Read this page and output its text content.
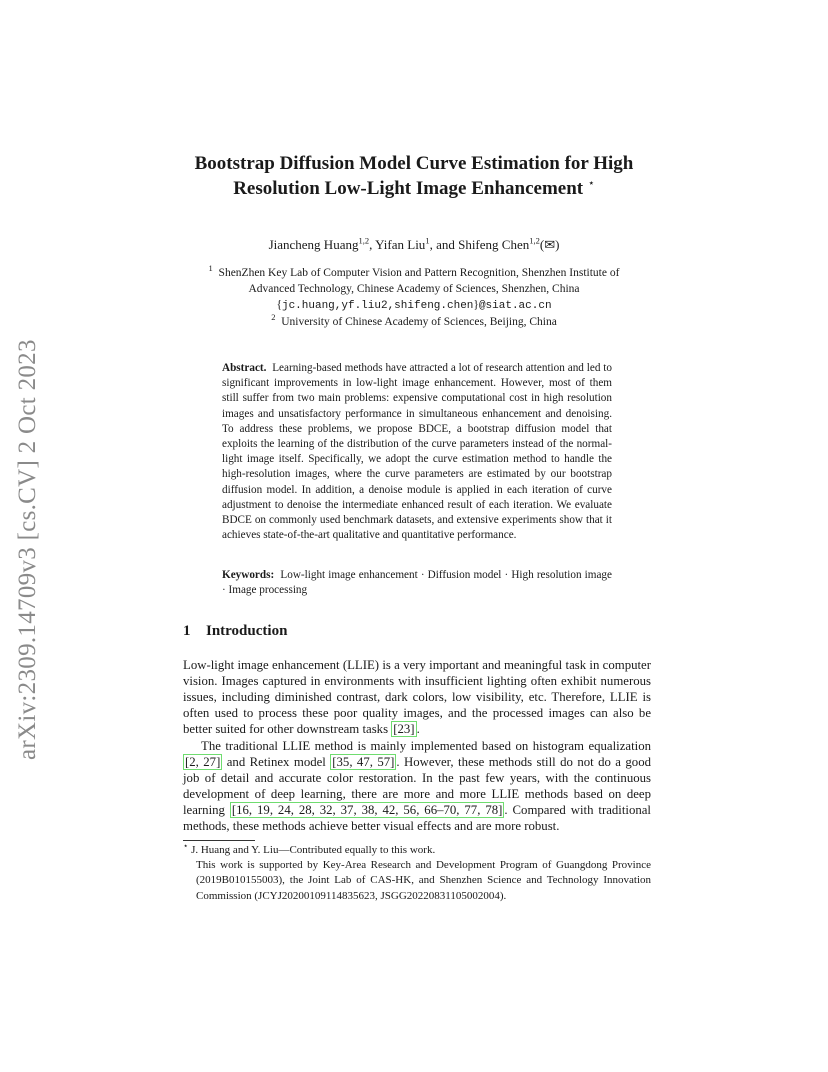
arXiv:2309.14709v3 [cs.CV] 2 Oct 2023
Bootstrap Diffusion Model Curve Estimation for High
Resolution Low-Light Image Enhancement ⋆
Jiancheng Huang$^{1,2}$, Yifan Liu$^1$, and Shifeng Chen$^{1,2}$(✉)
$^1$ ShenZhen Key Lab of Computer Vision and Pattern Recognition, Shenzhen Institute of
Advanced Technology, Chinese Academy of Sciences, Shenzhen, China
{jc.huang,yf.liu2,shifeng.chen}@siat.ac.cn
$^2$ University of Chinese Academy of Sciences, Beijing, China
Abstract. Learning-based methods have attracted a lot of research attention and led to significant improvements in low-light image enhancement. However, most of them still suffer from two main problems: expensive computational cost in high resolution images and unsatisfactory performance in simultaneous enhancement and denoising. To address these problems, we propose BDCE, a bootstrap diffusion model that exploits the learning of the distribution of the curve parameters instead of the normal-light image itself. Specifically, we adopt the curve estimation method to handle the high-resolution images, where the curve parameters are estimated by our bootstrap diffusion model. In addition, a denoise module is applied in each iteration of curve adjustment to denoise the intermediate enhanced result of each iteration. We evaluate BDCE on commonly used benchmark datasets, and extensive experiments show that it achieves state-of-the-art qualitative and quantitative performance.
Keywords: Low-light image enhancement · Diffusion model · High resolution image · Image processing
1 Introduction

Low-light image enhancement (LLIE) is a very important and meaningful task in computer vision. Images captured in environments with insufficient lighting often exhibit numerous issues, including diminished contrast, dark colors, low visibility, etc. Therefore, LLIE is often used to process these poor quality images, and the processed images can also be better suited for other downstream tasks [23] .

The traditional LLIE method is mainly implemented based on histogram equalization [2, 27] and Retinex model [35, 47, 57] . However, these methods still do not do a good job of detail and accurate color restoration. In the past few years, with the continuous development of deep learning, there are more and more LLIE methods based on deep learning [16, 19, 24, 28, 32, 37, 38, 42, 56, 66–70, 77, 78] . Compared with traditional methods, these methods achieve better visual effects and are more robust.

⋆ J. Huang and Y. Liu—Contributed equally to this work.
This work is supported by Key-Area Research and Development Program of Guangdong Province (2019B010155003), the Joint Lab of CAS-HK, and Shenzhen Science and Technology Innovation Commission (JCYJ20200109114835623, JSGG20220831105002004).
